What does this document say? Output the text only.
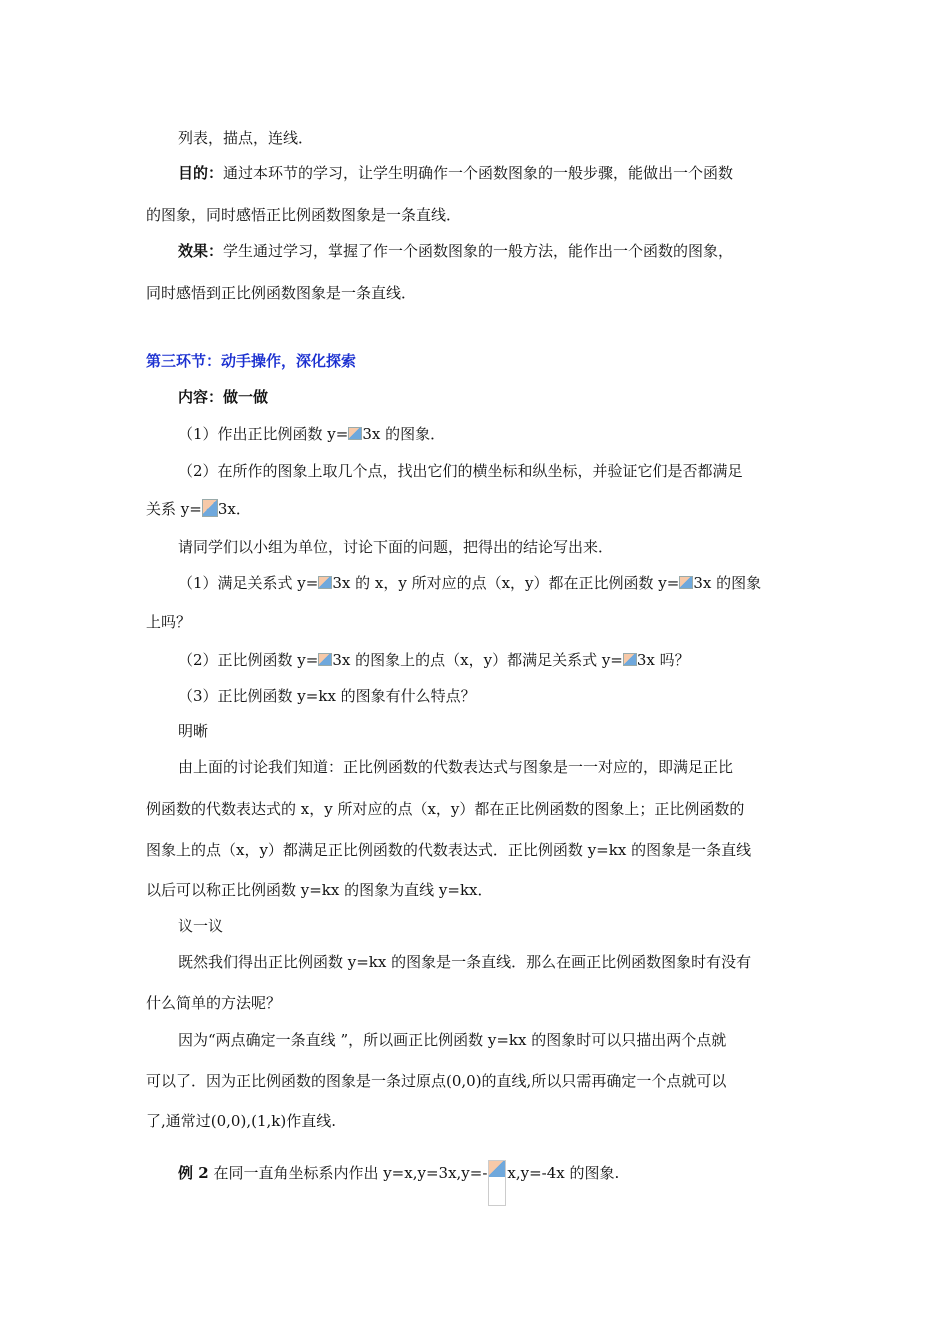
列表，描点，连线．
目的：通过本环节的学习，让学生明确作一个函数图象的一般步骤，能做出一个函数
的图象，同时感悟正比例函数图象是一条直线．
效果：学生通过学习，掌握了作一个函数图象的一般方法，能作出一个函数的图象，
同时感悟到正比例函数图象是一条直线．
第三环节：动手操作，深化探索
内容：做一做
（1）作出正比例函数 y= 3x 的图象．
（2）在所作的图象上取几个点，找出它们的横坐标和纵坐标，并验证它们是否都满足
关系 y= 3x．
请同学们以小组为单位，讨论下面的问题，把得出的结论写出来．
（1）满足关系式 y= 3x 的 x，y 所对应的点（x，y）都在正比例函数 y= 3x 的图象
上吗？
（2）正比例函数 y= 3x 的图象上的点（x，y）都满足关系式 y= 3x 吗？
（3）正比例函数 y=kx 的图象有什么特点？
明晰
由上面的讨论我们知道：正比例函数的代数表达式与图象是一一对应的，即满足正比
例函数的代数表达式的 x，y 所对应的点（x，y）都在正比例函数的图象上；正比例函数的
图象上的点（x，y）都满足正比例函数的代数表达式．正比例函数 y=kx 的图象是一条直线
以后可以称正比例函数 y=kx 的图象为直线 y=kx．
议一议
既然我们得出正比例函数 y=kx 的图象是一条直线．那么在画正比例函数图象时有没有
什么简单的方法呢？
因为“两点确定一条直线 ”，所以画正比例函数 y=kx 的图象时可以只描出两个点就
可以了．因为正比例函数的图象是一条过原点(0,0)的直线,所以只需再确定一个点就可以
了,通常过(0,0),(1,k)作直线.
例 2 在同一直角坐标系内作出 y=x,y=3x,y=- x,y=-4x 的图象.
